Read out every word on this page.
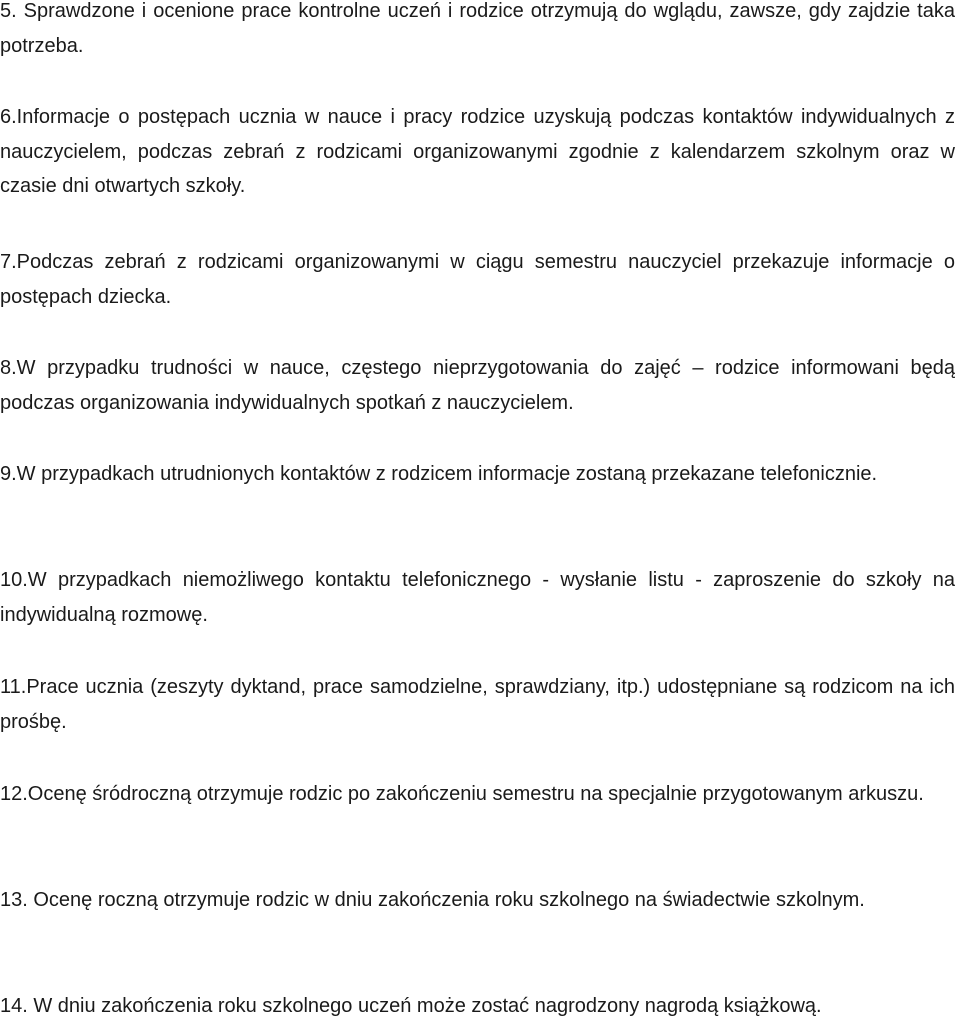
5. Sprawdzone i ocenione prace kontrolne uczeń i rodzice otrzymują do wglądu, zawsze, gdy zajdzie taka potrzeba.

6.Informacje o postępach ucznia w nauce i pracy rodzice uzyskują podczas kontaktów indywidualnych z nauczycielem, podczas zebrań z rodzicami organizowanymi zgodnie z kalendarzem szkolnym oraz w czasie dni otwartych szkoły.

7.Podczas zebrań z rodzicami organizowanymi w ciągu semestru nauczyciel przekazuje informacje o postępach dziecka.

8.W przypadku trudności w nauce, częstego nieprzygotowania do zajęć – rodzice informowani będą podczas organizowania indywidualnych spotkań z nauczycielem.

9.W przypadkach utrudnionych kontaktów z rodzicem informacje zostaną przekazane telefonicznie.

10.W przypadkach niemożliwego kontaktu telefonicznego - wysłanie listu - zaproszenie do szkoły na indywidualną rozmowę.

11.Prace ucznia (zeszyty dyktand, prace samodzielne, sprawdziany, itp.) udostępniane są rodzicom na ich prośbę.

12.Ocenę śródroczną otrzymuje rodzic po zakończeniu semestru na specjalnie przygotowanym arkuszu.

13. Ocenę roczną otrzymuje rodzic w dniu zakończenia roku szkolnego na świadectwie szkolnym.

14. W dniu zakończenia roku szkolnego uczeń może zostać nagrodzony nagrodą książkową.
